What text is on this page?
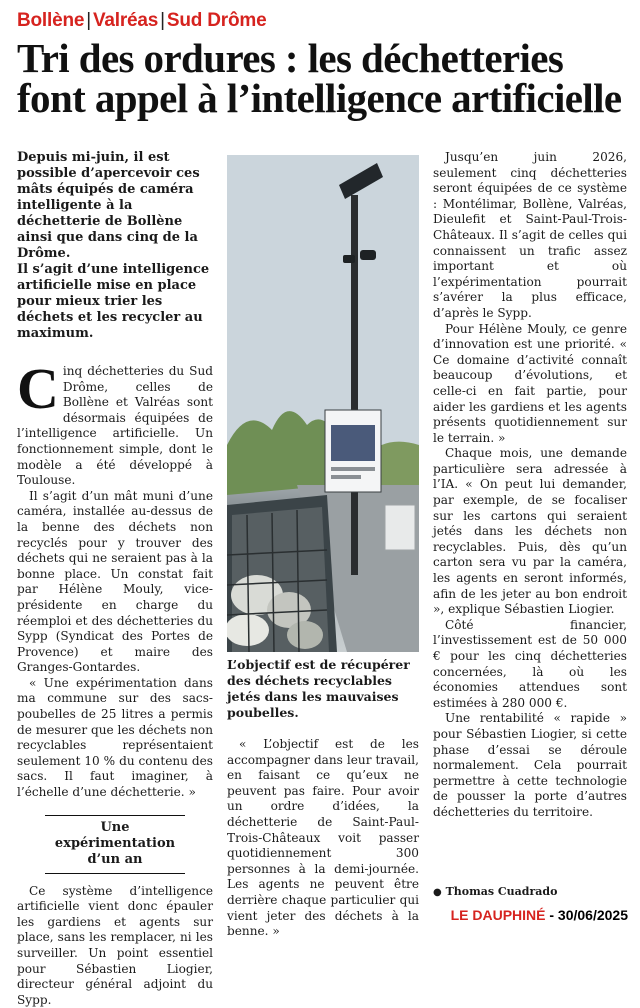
Bollène | Valréas | Sud Drôme
Tri des ordures : les déchetteries
font appel à l’intelligence artificielle

Depuis mi-juin, il est possible d’apercevoir ces mâts équipés de caméra intelligente à la déchetterie de Bollène ainsi que dans cinq de la Drôme.

Il s’agit d’une intelligence artificielle mise en place pour mieux trier les déchets et les recycler au maximum.

Cinq déchetteries du Sud Drôme, celles de Bollène et Valréas sont désormais équipées de l’intelligence artificielle. Un fonctionnement simple, dont le modèle a été développé à Toulouse.

Il s’agit d’un mât muni d’une caméra, installée au-dessus de la benne des déchets non recyclés pour y trouver des déchets qui ne seraient pas à la bonne place. Un constat fait par Hélène Mouly, vice-présidente en charge du réemploi et des déchetteries du Sypp (Syndicat des Portes de Provence) et maire des Granges-Gontardes.

« Une expérimentation dans ma commune sur des sacs-poubelles de 25 litres a permis de mesurer que les déchets non recyclables représentaient seulement 10 % du contenu des sacs. Il faut imaginer, à l’échelle d’une déchetterie. »

Une expérimentation d’un an

Ce système d’intelligence artificielle vient donc épauler les gardiens et agents sur place, sans les remplacer, ni les surveiller. Un point essentiel pour Sébastien Liogier, directeur général adjoint du Sypp.

L’objectif est de récupérer des déchets recyclables jetés dans les mauvaises poubelles.

« L’objectif est de les accompagner dans leur travail, en faisant ce qu’eux ne peuvent pas faire. Pour avoir un ordre d’idées, la déchetterie de Saint-Paul-Trois-Châteaux voit passer quotidiennement 300 personnes à la demi-journée. Les agents ne peuvent être derrière chaque particulier qui vient jeter des déchets à la benne. »

Jusqu’en juin 2026, seulement cinq déchetteries seront équipées de ce système : Montélimar, Bollène, Valréas, Dieulefit et Saint-Paul-Trois-Châteaux. Il s’agit de celles qui connaissent un trafic assez important et où l’expérimentation pourrait s’avérer la plus efficace, d’après le Sypp.

Pour Hélène Mouly, ce genre d’innovation est une priorité. « Ce domaine d’activité connaît beaucoup d’évolutions, et celle-ci en fait partie, pour aider les gardiens et les agents présents quotidiennement sur le terrain. »

Chaque mois, une demande particulière sera adressée à l’IA. « On peut lui demander, par exemple, de se focaliser sur les cartons qui seraient jetés dans les déchets non recyclables. Puis, dès qu’un carton sera vu par la caméra, les agents en seront informés, afin de les jeter au bon endroit », explique Sébastien Liogier.

Côté financier, l’investissement est de 50 000 € pour les cinq déchetteries concernées, là où les économies attendues sont estimées à 280 000 €.

Une rentabilité « rapide » pour Sébastien Liogier, si cette phase d’essai se déroule normalement. Cela pourrait permettre à cette technologie de pousser la porte d’autres déchetteries du territoire.

● Thomas Cuadrado
LE DAUPHINÉ - 30/06/2025
